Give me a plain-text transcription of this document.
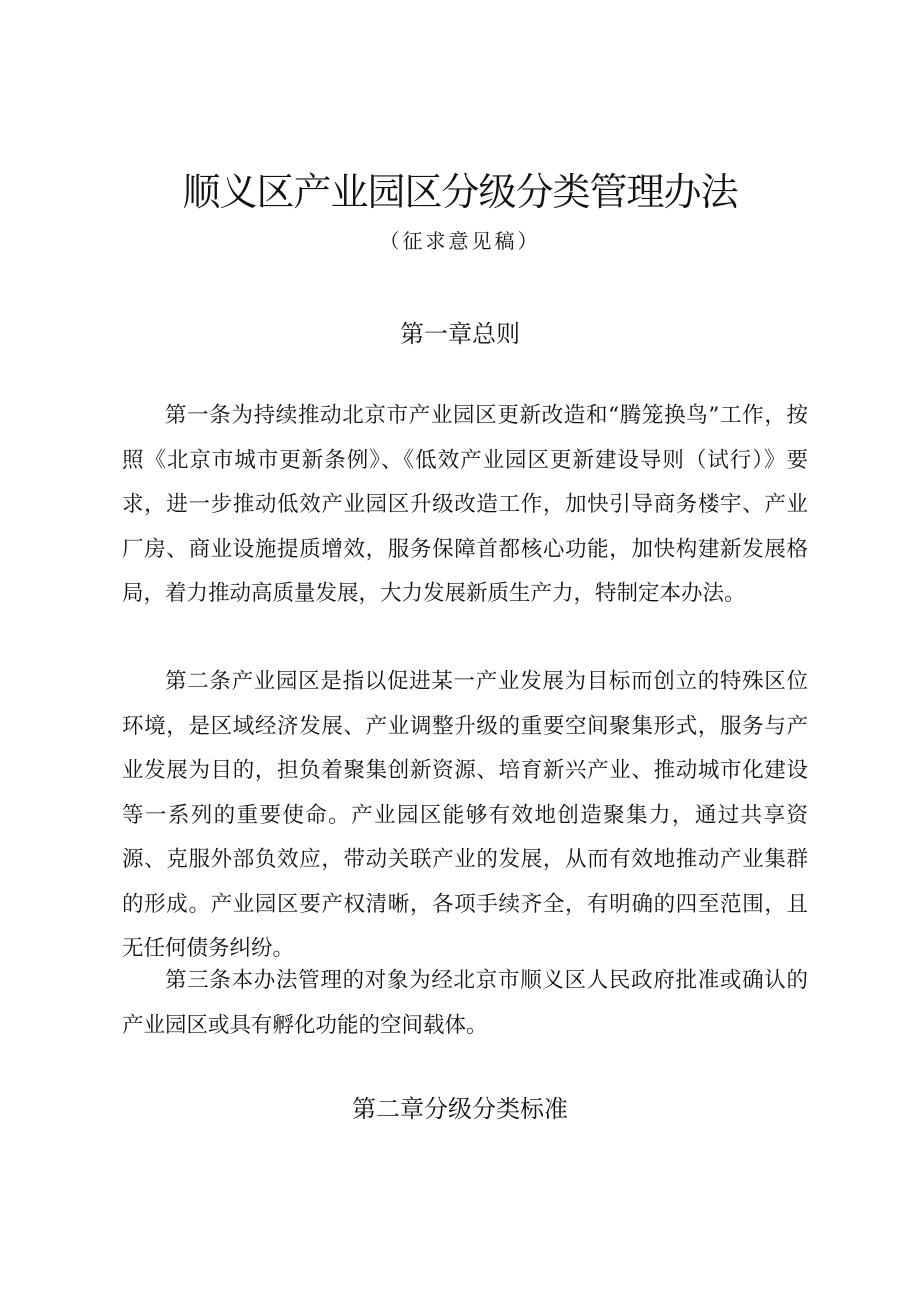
顺义区产业园区分级分类管理办法

（征求意见稿）

第一章总则

第一条为持续推动北京市产业园区更新改造和“腾笼换鸟”工作，按照《北京市城市更新条例》、《低效产业园区更新建设导则（试行）》要求，进一步推动低效产业园区升级改造工作，加快引导商务楼宇、产业厂房、商业设施提质增效，服务保障首都核心功能，加快构建新发展格局，着力推动高质量发展，大力发展新质生产力，特制定本办法。

第二条产业园区是指以促进某一产业发展为目标而创立的特殊区位环境，是区域经济发展、产业调整升级的重要空间聚集形式，服务与产业发展为目的，担负着聚集创新资源、培育新兴产业、推动城市化建设等一系列的重要使命。产业园区能够有效地创造聚集力，通过共享资源、克服外部负效应，带动关联产业的发展，从而有效地推动产业集群的形成。产业园区要产权清晰，各项手续齐全，有明确的四至范围，且无任何债务纠纷。

第三条本办法管理的对象为经北京市顺义区人民政府批准或确认的产业园区或具有孵化功能的空间载体。

第二章分级分类标准
